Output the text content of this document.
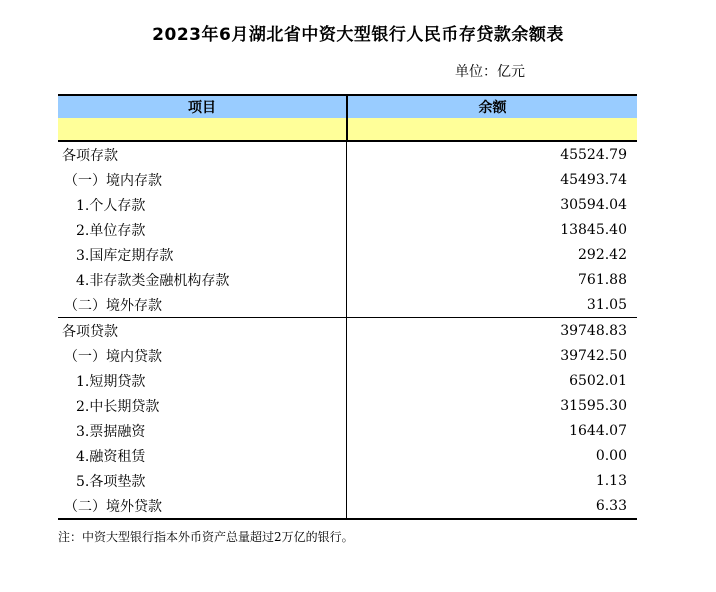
2023年6月湖北省中资大型银行人民币存贷款余额表
单位：亿元
项目	余额
各项存款	45524.79
（一）境内存款	45493.74
1.个人存款	30594.04
2.单位存款	13845.40
3.国库定期存款	292.42
4.非存款类金融机构存款	761.88
（二）境外存款	31.05
各项贷款	39748.83
（一）境内贷款	39742.50
1.短期贷款	6502.01
2.中长期贷款	31595.30
3.票据融资	1644.07
4.融资租赁	0.00
5.各项垫款	1.13
（二）境外贷款	6.33
注：中资大型银行指本外币资产总量超过2万亿的银行。
